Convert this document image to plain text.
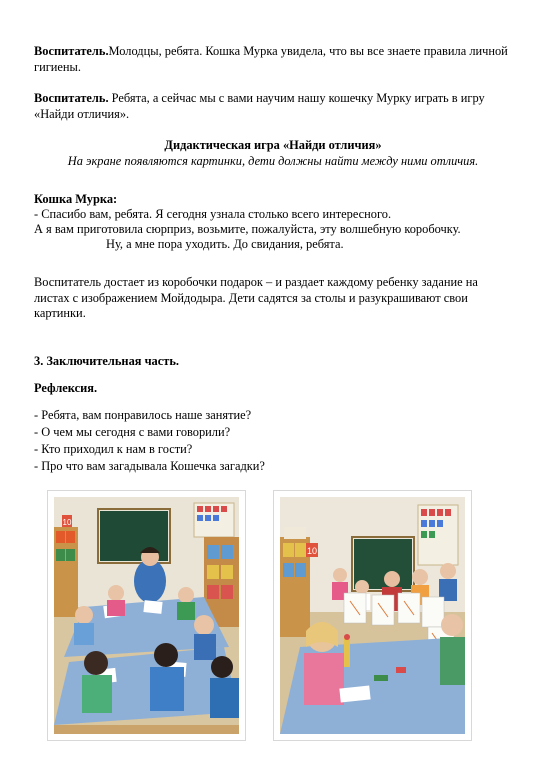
Воспитатель.Молодцы, ребята. Кошка Мурка увидела, что вы все знаете правила личной гигиены.

Воспитатель. Ребята, а сейчас мы с вами научим нашу кошечку Мурку играть в игру «Найди отличия».

Дидактическая игра «Найди отличия»

На экране появляются картинки, дети должны найти между ними отличия.

Кошка Мурка:

- Спасибо вам, ребята. Я сегодня узнала столько всего интересного.

А я вам приготовила сюрприз, возьмите, пожалуйста, эту волшебную коробочку.

Ну, а мне пора уходить. До свидания, ребята.

Воспитатель достает из коробочки подарок – и раздает каждому ребенку задание на листах с изображением Мойдодыра. Дети садятся за столы и разукрашивают свои картинки.

3. Заключительная часть.

Рефлексия.

- Ребята, вам понравилось наше занятие?

- О чем мы сегодня с вами говорили?

- Кто приходил к нам в гости?

- Про что вам загадывала Кошечка загадки?

10
10
